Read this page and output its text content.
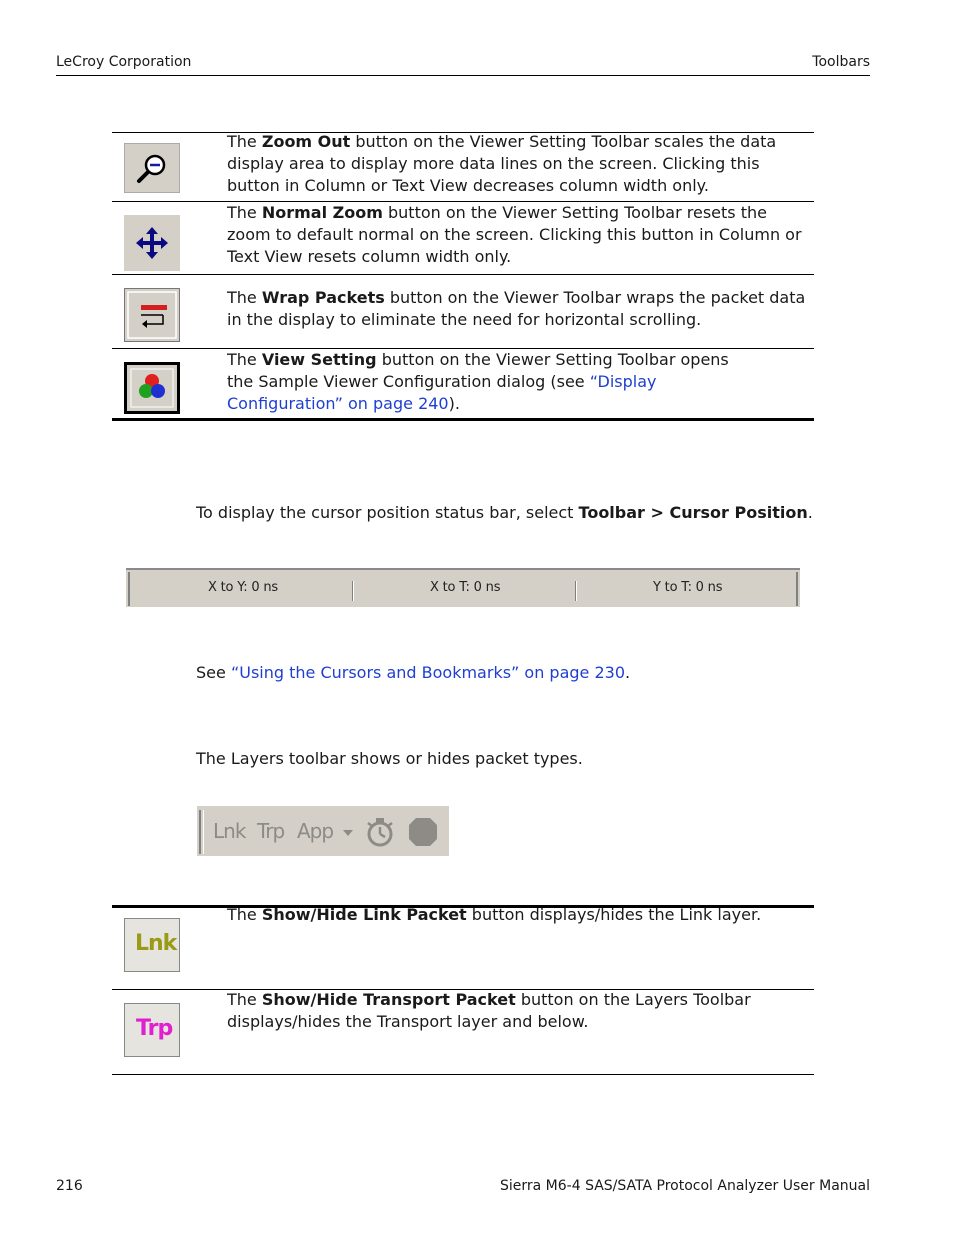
LeCroy Corporation	Toolbars
The Zoom Out button on the Viewer Setting Toolbar scales the data display area to display more data lines on the screen. Clicking this button in Column or Text View decreases column width only.
The Normal Zoom button on the Viewer Setting Toolbar resets the zoom to default normal on the screen. Clicking this button in Column or Text View resets column width only.
The Wrap Packets button on the Viewer Toolbar wraps the packet data in the display to eliminate the need for horizontal scrolling.
The View Setting button on the Viewer Setting Toolbar opens the Sample Viewer Configuration dialog (see “Display Configuration” on page 240).
To display the cursor position status bar, select Toolbar > Cursor Position.
X to Y: 0 ns	X to T: 0 ns	Y to T: 0 ns
See “Using the Cursors and Bookmarks” on page 230.
The Layers toolbar shows or hides packet types.
Lnk Trp App
Lnk
The Show/Hide Link Packet button displays/hides the Link layer.
Trp
The Show/Hide Transport Packet button on the Layers Toolbar displays/hides the Transport layer and below.
216	Sierra M6-4 SAS/SATA Protocol Analyzer User Manual
